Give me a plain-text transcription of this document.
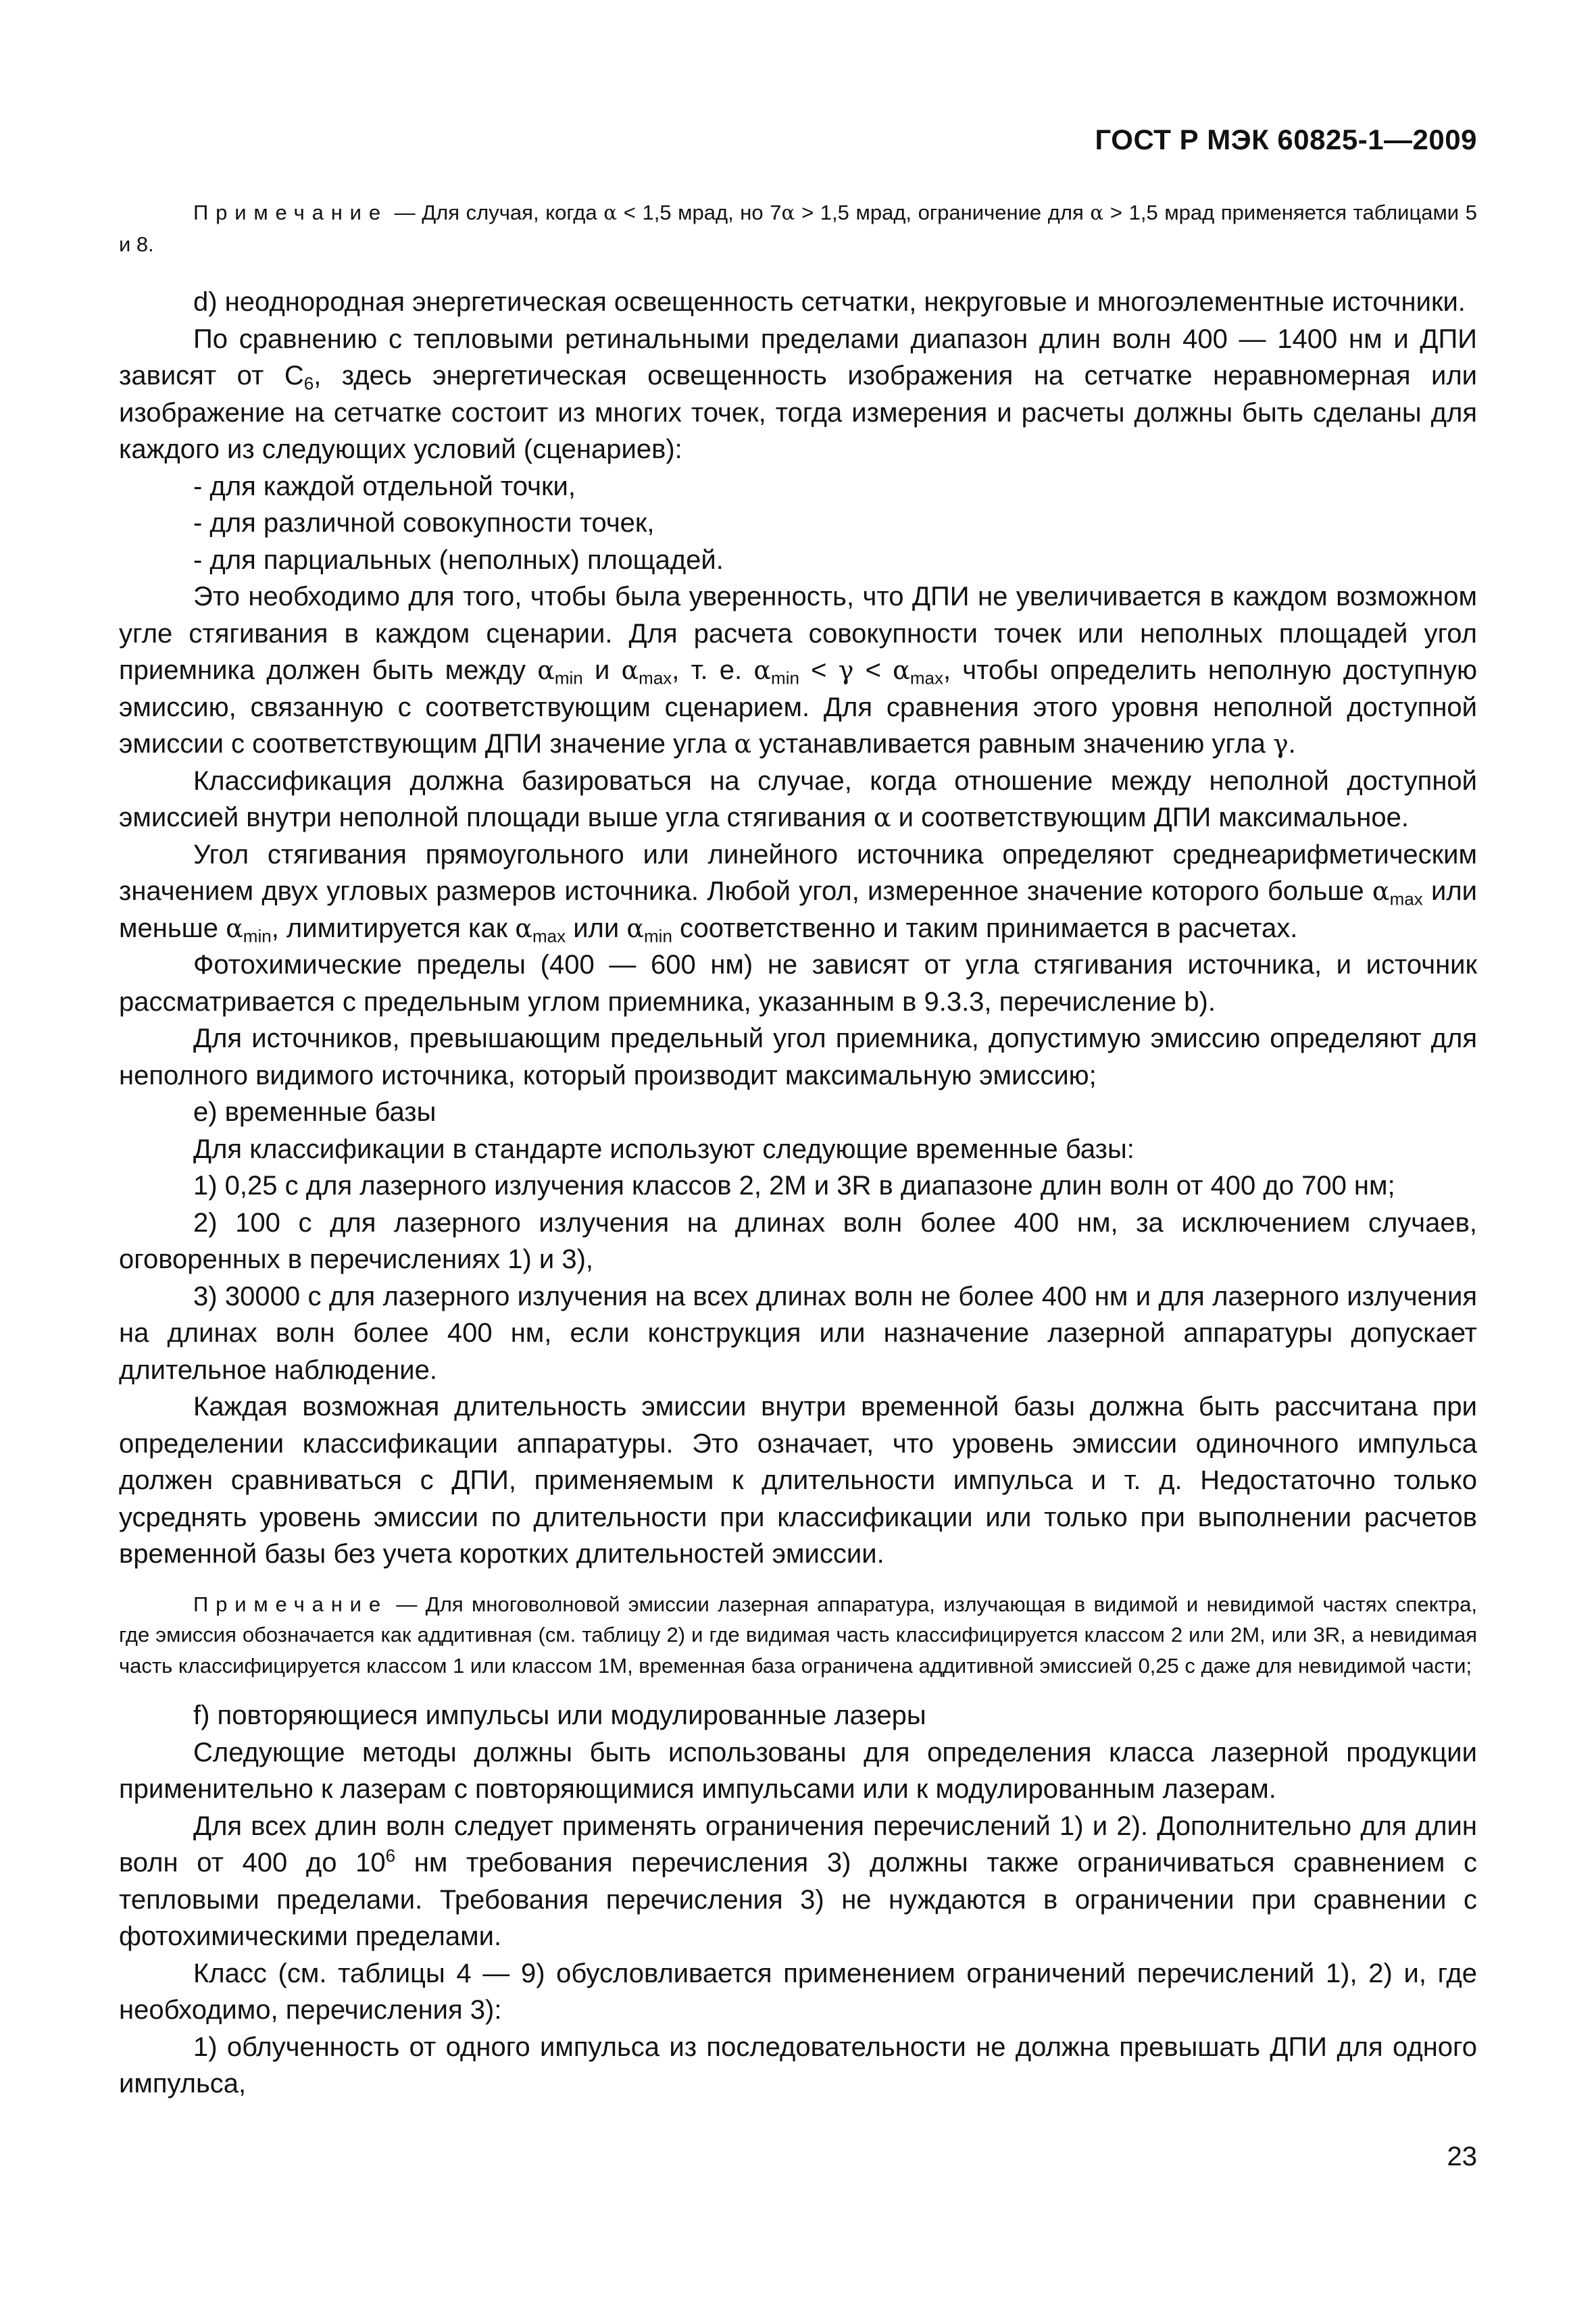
ГОСТ Р МЭК 60825-1—2009

Примечание — Для случая, когда α < 1,5 мрад, но 7α > 1,5 мрад, ограничение для α > 1,5 мрад применяется таблицами 5 и 8.

d) неоднородная энергетическая освещенность сетчатки, некруговые и многоэлементные источники.

По сравнению с тепловыми ретинальными пределами диапазон длин волн 400 — 1400 нм и ДПИ зависят от $C_6$, здесь энергетическая освещенность изображения на сетчатке неравномерная или изображение на сетчатке состоит из многих точек, тогда измерения и расчеты должны быть сделаны для каждого из следующих условий (сценариев):

- для каждой отдельной точки,

- для различной совокупности точек,

- для парциальных (неполных) площадей.

Это необходимо для того, чтобы была уверенность, что ДПИ не увеличивается в каждом возможном угле стягивания в каждом сценарии. Для расчета совокупности точек или неполных площадей угол приемника должен быть между $\alpha_{min}$ и $\alpha_{max}$, т. е. $\alpha_{min} < \gamma < \alpha_{max}$, чтобы определить неполную доступную эмиссию, связанную с соответствующим сценарием. Для сравнения этого уровня неполной доступной эмиссии с соответствующим ДПИ значение угла α устанавливается равным значению угла γ.

Классификация должна базироваться на случае, когда отношение между неполной доступной эмиссией внутри неполной площади выше угла стягивания α и соответствующим ДПИ максимальное.

Угол стягивания прямоугольного или линейного источника определяют среднеарифметическим значением двух угловых размеров источника. Любой угол, измеренное значение которого больше $\alpha_{max}$ или меньше $\alpha_{min}$, лимитируется как $\alpha_{max}$ или $\alpha_{min}$ соответственно и таким принимается в расчетах.

Фотохимические пределы (400 — 600 нм) не зависят от угла стягивания источника, и источник рассматривается с предельным углом приемника, указанным в 9.3.3, перечисление b).

Для источников, превышающим предельный угол приемника, допустимую эмиссию определяют для неполного видимого источника, который производит максимальную эмиссию;

е) временные базы

Для классификации в стандарте используют следующие временные базы:

1) 0,25 с для лазерного излучения классов 2, 2М и 3R в диапазоне длин волн от 400 до 700 нм;

2) 100 с для лазерного излучения на длинах волн более 400 нм, за исключением случаев, оговоренных в перечислениях 1) и 3),

3) 30000 с для лазерного излучения на всех длинах волн не более 400 нм и для лазерного излучения на длинах волн более 400 нм, если конструкция или назначение лазерной аппаратуры допускает длительное наблюдение.

Каждая возможная длительность эмиссии внутри временной базы должна быть рассчитана при определении классификации аппаратуры. Это означает, что уровень эмиссии одиночного импульса должен сравниваться с ДПИ, применяемым к длительности импульса и т. д. Недостаточно только усреднять уровень эмиссии по длительности при классификации или только при выполнении расчетов временной базы без учета коротких длительностей эмиссии.

Примечание — Для многоволновой эмиссии лазерная аппаратура, излучающая в видимой и невидимой частях спектра, где эмиссия обозначается как аддитивная (см. таблицу 2) и где видимая часть классифицируется классом 2 или 2М, или 3R, а невидимая часть классифицируется классом 1 или классом 1М, временная база ограничена аддитивной эмиссией 0,25 с даже для невидимой части;

f) повторяющиеся импульсы или модулированные лазеры

Следующие методы должны быть использованы для определения класса лазерной продукции применительно к лазерам с повторяющимися импульсами или к модулированным лазерам.

Для всех длин волн следует применять ограничения перечислений 1) и 2). Дополнительно для длин волн от 400 до $10^6$ нм требования перечисления 3) должны также ограничиваться сравнением с тепловыми пределами. Требования перечисления 3) не нуждаются в ограничении при сравнении с фотохимическими пределами.

Класс (см. таблицы 4 — 9) обусловливается применением ограничений перечислений 1), 2) и, где необходимо, перечисления 3):

1) облученность от одного импульса из последовательности не должна превышать ДПИ для одного импульса,

23
